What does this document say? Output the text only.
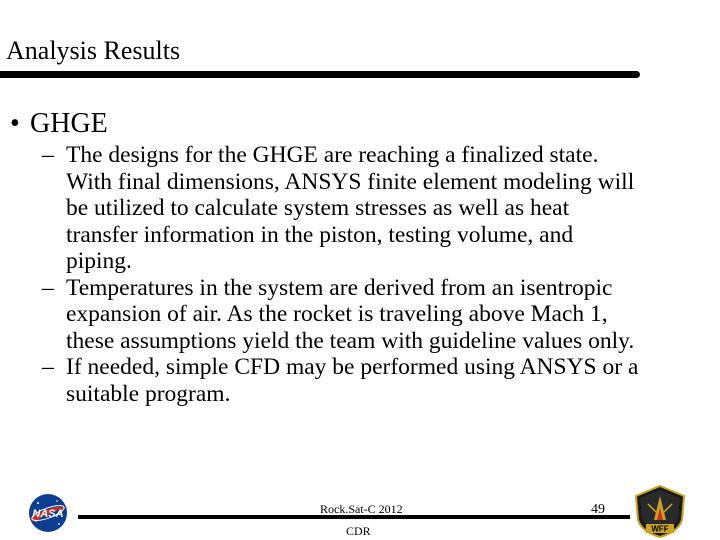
Analysis Results
• GHGE
– The designs for the GHGE are reaching a finalized state. With final dimensions, ANSYS finite element modeling will be utilized to calculate system stresses as well as heat transfer information in the piston, testing volume, and piping.
– Temperatures in the system are derived from an isentropic expansion of air. As the rocket is traveling above Mach 1, these assumptions yield the team with guideline values only.
– If needed, simple CFD may be performed using ANSYS or a suitable program.
NASA	Rock.Sat-C 2012
CDR
49
WFF
